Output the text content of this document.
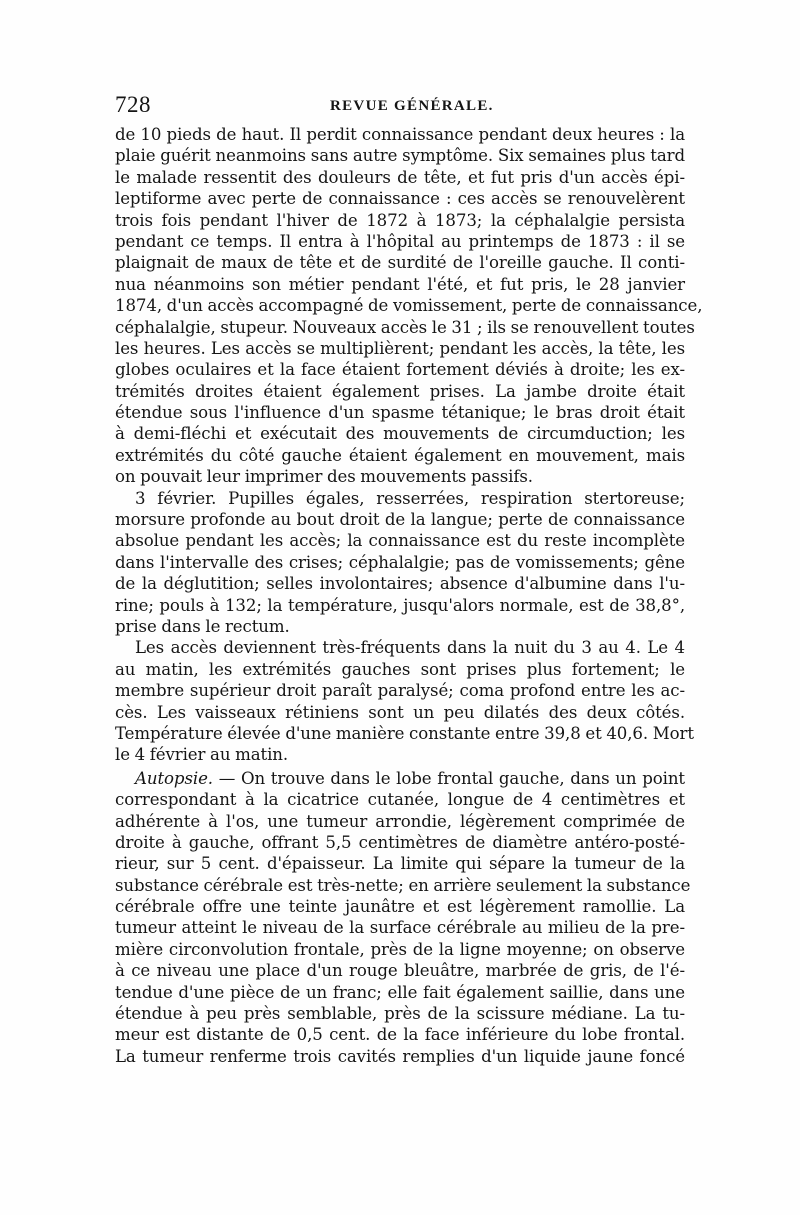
728	REVUE GÉNÉRALE.
de 10 pieds de haut. Il perdit connaissance pendant deux heures : la
plaie guérit neanmoins sans autre symptôme. Six semaines plus tard
le malade ressentit des douleurs de tête, et fut pris d'un accès épi-
leptiforme avec perte de connaissance : ces accès se renouvelèrent
trois fois pendant l'hiver de 1872 à 1873; la céphalalgie persista
pendant ce temps. Il entra à l'hôpital au printemps de 1873 : il se
plaignait de maux de tête et de surdité de l'oreille gauche. Il conti-
nua néanmoins son métier pendant l'été, et fut pris, le 28 janvier
1874, d'un accès accompagné de vomissement, perte de connaissance,
céphalalgie, stupeur. Nouveaux accès le 31 ; ils se renouvellent toutes
les heures. Les accès se multiplièrent; pendant les accès, la tête, les
globes oculaires et la face étaient fortement déviés à droite; les ex-
trémités droites étaient également prises. La jambe droite était
étendue sous l'influence d'un spasme tétanique; le bras droit était
à demi-fléchi et exécutait des mouvements de circumduction; les
extrémités du côté gauche étaient également en mouvement, mais
on pouvait leur imprimer des mouvements passifs.
3 février. Pupilles égales, resserrées, respiration stertoreuse;
morsure profonde au bout droit de la langue; perte de connaissance
absolue pendant les accès; la connaissance est du reste incomplète
dans l'intervalle des crises; céphalalgie; pas de vomissements; gêne
de la déglutition; selles involontaires; absence d'albumine dans l'u-
rine; pouls à 132; la température, jusqu'alors normale, est de 38,8°,
prise dans le rectum.
Les accès deviennent très-fréquents dans la nuit du 3 au 4. Le 4
au matin, les extrémités gauches sont prises plus fortement; le
membre supérieur droit paraît paralysé; coma profond entre les ac-
cès. Les vaisseaux rétiniens sont un peu dilatés des deux côtés.
Température élevée d'une manière constante entre 39,8 et 40,6. Mort
le 4 février au matin.
Autopsie. — On trouve dans le lobe frontal gauche, dans un point
correspondant à la cicatrice cutanée, longue de 4 centimètres et
adhérente à l'os, une tumeur arrondie, légèrement comprimée de
droite à gauche, offrant 5,5 centimètres de diamètre antéro-posté-
rieur, sur 5 cent. d'épaisseur. La limite qui sépare la tumeur de la
substance cérébrale est très-nette; en arrière seulement la substance
cérébrale offre une teinte jaunâtre et est légèrement ramollie. La
tumeur atteint le niveau de la surface cérébrale au milieu de la pre-
mière circonvolution frontale, près de la ligne moyenne; on observe
à ce niveau une place d'un rouge bleuâtre, marbrée de gris, de l'é-
tendue d'une pièce de un franc; elle fait également saillie, dans une
étendue à peu près semblable, près de la scissure médiane. La tu-
meur est distante de 0,5 cent. de la face inférieure du lobe frontal.
La tumeur renferme trois cavités remplies d'un liquide jaune foncé
